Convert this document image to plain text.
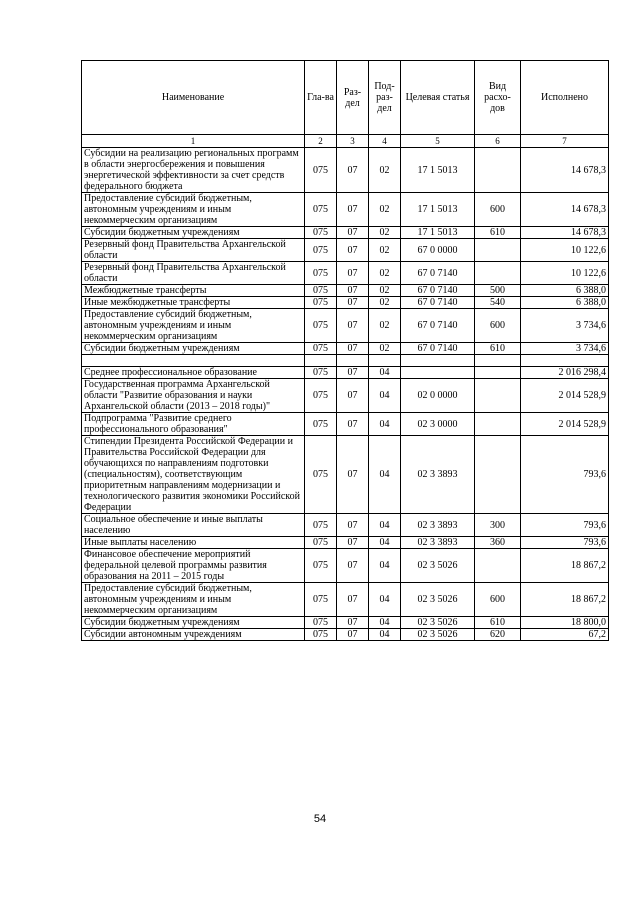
Наименование	Гла-ва	Раз-дел	Под-раз-дел	Целевая статья	Вид расхо-дов	Исполнено
1	2	3	4	5	6	7
Субсидии на реализацию региональных программ в области энергосбережения и повышения энергетической эффективности за счет средств федерального бюджета	075	07	02	17 1 5013		14 678,3
Предоставление субсидий бюджетным, автономным учреждениям и иным некоммерческим организациям	075	07	02	17 1 5013	600	14 678,3
Субсидии бюджетным учреждениям	075	07	02	17 1 5013	610	14 678,3
Резервный фонд Правительства Архангельской области	075	07	02	67 0 0000		10 122,6
Резервный фонд Правительства Архангельской области	075	07	02	67 0 7140		10 122,6
Межбюджетные трансферты	075	07	02	67 0 7140	500	6 388,0
Иные межбюджетные трансферты	075	07	02	67 0 7140	540	6 388,0
Предоставление субсидий бюджетным, автономным учреждениям и иным некоммерческим организациям	075	07	02	67 0 7140	600	3 734,6
Субсидии бюджетным учреждениям	075	07	02	67 0 7140	610	3 734,6

Среднее профессиональное образование	075	07	04			2 016 298,4
Государственная программа Архангельской области "Развитие образования и науки Архангельской области (2013 – 2018 годы)"	075	07	04	02 0 0000		2 014 528,9
Подпрограмма "Развитие среднего профессионального образования"	075	07	04	02 3 0000		2 014 528,9
Стипендии Президента Российской Федерации и Правительства Российской Федерации для обучающихся по направлениям подготовки (специальностям), соответствующим приоритетным направлениям модернизации и технологического развития экономики Российской Федерации	075	07	04	02 3 3893		793,6
Социальное обеспечение и иные выплаты населению	075	07	04	02 3 3893	300	793,6
Иные выплаты населению	075	07	04	02 3 3893	360	793,6
Финансовое обеспечение мероприятий федеральной целевой программы развития образования на 2011 – 2015 годы	075	07	04	02 3 5026		18 867,2
Предоставление субсидий бюджетным, автономным учреждениям и иным некоммерческим организациям	075	07	04	02 3 5026	600	18 867,2
Субсидии бюджетным учреждениям	075	07	04	02 3 5026	610	18 800,0
Субсидии автономным учреждениям	075	07	04	02 3 5026	620	67,2
54
